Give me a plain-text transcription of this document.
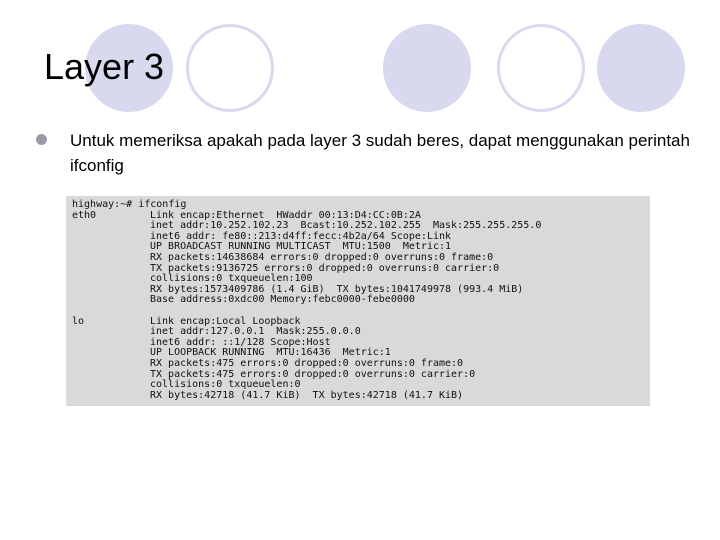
Layer 3
Untuk memeriksa apakah pada layer 3 sudah beres, dapat menggunakan perintah ifconfig
highway:~# ifconfig
eth0	Link encap:Ethernet  HWaddr 00:13:D4:CC:0B:2A
inet addr:10.252.102.23  Bcast:10.252.102.255  Mask:255.255.255.0
inet6 addr: fe80::213:d4ff:fecc:4b2a/64 Scope:Link
UP BROADCAST RUNNING MULTICAST  MTU:1500  Metric:1
RX packets:14638684 errors:0 dropped:0 overruns:0 frame:0
TX packets:9136725 errors:0 dropped:0 overruns:0 carrier:0
collisions:0 txqueuelen:100
RX bytes:1573409786 (1.4 GiB)  TX bytes:1041749978 (993.4 MiB)
Base address:0xdc00 Memory:febc0000-febe0000
lo	Link encap:Local Loopback
inet addr:127.0.0.1  Mask:255.0.0.0
inet6 addr: ::1/128 Scope:Host
UP LOOPBACK RUNNING  MTU:16436  Metric:1
RX packets:475 errors:0 dropped:0 overruns:0 frame:0
TX packets:475 errors:0 dropped:0 overruns:0 carrier:0
collisions:0 txqueuelen:0
RX bytes:42718 (41.7 KiB)  TX bytes:42718 (41.7 KiB)
